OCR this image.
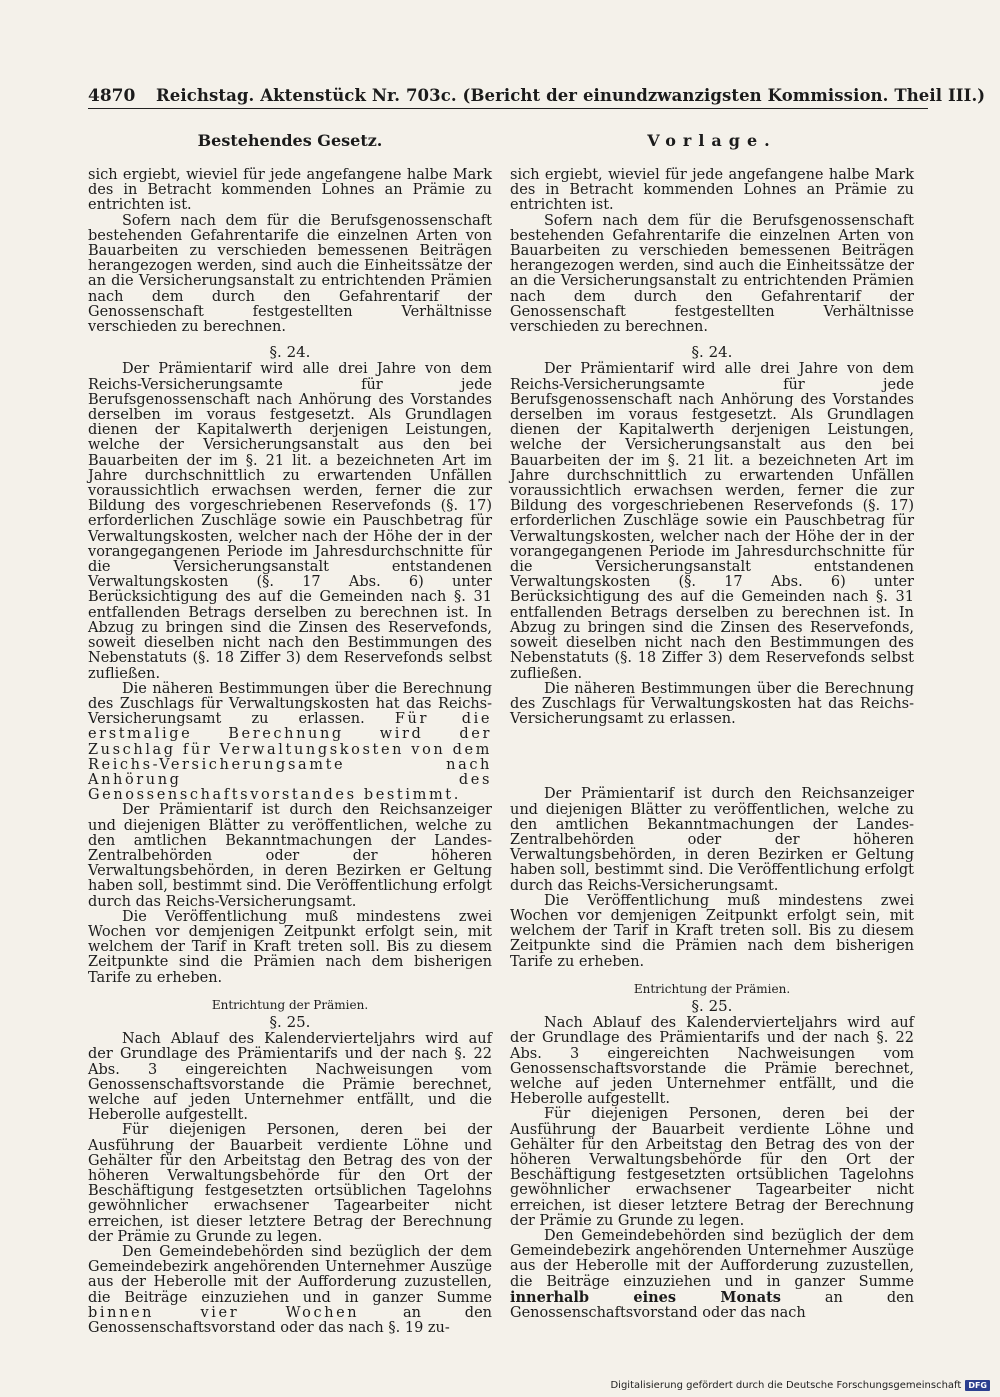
4870 Reichstag. Aktenstück Nr. 703c. (Bericht der einundzwanzigsten Kommission. Theil III.)
Bestehendes Gesetz.

sich ergiebt, wieviel für jede angefangene halbe Mark des in Betracht kommenden Lohnes an Prämie zu entrichten ist.

Sofern nach dem für die Berufsgenossenschaft bestehenden Gefahrentarife die einzelnen Arten von Bauarbeiten zu verschieden bemessenen Beiträgen herangezogen werden, sind auch die Einheitssätze der an die Versicherungsanstalt zu entrichtenden Prämien nach dem durch den Gefahrentarif der Genossenschaft festgestellten Verhältnisse verschieden zu berechnen.

§. 24.

Der Prämientarif wird alle drei Jahre von dem Reichs-Versicherungsamte für jede Berufsgenossenschaft nach Anhörung des Vorstandes derselben im voraus festgesetzt. Als Grundlagen dienen der Kapitalwerth derjenigen Leistungen, welche der Versicherungsanstalt aus den bei Bauarbeiten der im §. 21 lit. a bezeichneten Art im Jahre durchschnittlich zu erwartenden Unfällen voraussichtlich erwachsen werden, ferner die zur Bildung des vorgeschriebenen Reservefonds (§. 17) erforderlichen Zuschläge sowie ein Pauschbetrag für Verwaltungskosten, welcher nach der Höhe der in der vorangegangenen Periode im Jahresdurchschnitte für die Versicherungsanstalt entstandenen Verwaltungskosten (§. 17 Abs. 6) unter Berücksichtigung des auf die Gemeinden nach §. 31 entfallenden Betrags derselben zu berechnen ist. In Abzug zu bringen sind die Zinsen des Reservefonds, soweit dieselben nicht nach den Bestimmungen des Nebenstatuts (§. 18 Ziffer 3) dem Reservefonds selbst zufließen.

Die näheren Bestimmungen über die Berechnung des Zuschlags für Verwaltungskosten hat das Reichs-Versicherungsamt zu erlassen. Für die erstmalige Berechnung wird der Zuschlag für Verwaltungskosten von dem Reichs-Versicherungsamte nach Anhörung des Genossenschaftsvorstandes bestimmt.

Der Prämientarif ist durch den Reichsanzeiger und diejenigen Blätter zu veröffentlichen, welche zu den amtlichen Bekanntmachungen der Landes-Zentralbehörden oder der höheren Verwaltungsbehörden, in deren Bezirken er Geltung haben soll, bestimmt sind. Die Veröffentlichung erfolgt durch das Reichs-Versicherungsamt.

Die Veröffentlichung muß mindestens zwei Wochen vor demjenigen Zeitpunkt erfolgt sein, mit welchem der Tarif in Kraft treten soll. Bis zu diesem Zeitpunkte sind die Prämien nach dem bisherigen Tarife zu erheben.

Entrichtung der Prämien.
§. 25.

Nach Ablauf des Kalendervierteljahrs wird auf der Grundlage des Prämientarifs und der nach §. 22 Abs. 3 eingereichten Nachweisungen vom Genossenschaftsvorstande die Prämie berechnet, welche auf jeden Unternehmer entfällt, und die Heberolle aufgestellt.

Für diejenigen Personen, deren bei der Ausführung der Bauarbeit verdiente Löhne und Gehälter für den Arbeitstag den Betrag des von der höheren Verwaltungsbehörde für den Ort der Beschäftigung festgesetzten ortsüblichen Tagelohns gewöhnlicher erwachsener Tagearbeiter nicht erreichen, ist dieser letztere Betrag der Berechnung der Prämie zu Grunde zu legen.

Den Gemeindebehörden sind bezüglich der dem Gemeindebezirk angehörenden Unternehmer Auszüge aus der Heberolle mit der Aufforderung zuzustellen, die Beiträge einzuziehen und in ganzer Summe binnen vier Wochen	an den Genossenschaftsvorstand oder das nach §. 19 zu-

Vorlage.

sich ergiebt, wieviel für jede angefangene halbe Mark des in Betracht kommenden Lohnes an Prämie zu entrichten ist.

Sofern nach dem für die Berufsgenossenschaft bestehenden Gefahrentarife die einzelnen Arten von Bauarbeiten zu verschieden bemessenen Beiträgen herangezogen werden, sind auch die Einheitssätze der an die Versicherungsanstalt zu entrichtenden Prämien nach dem durch den Gefahrentarif der Genossenschaft festgestellten Verhältnisse verschieden zu berechnen.

§. 24.

Der Prämientarif wird alle drei Jahre von dem Reichs-Versicherungsamte für jede Berufsgenossenschaft nach Anhörung des Vorstandes derselben im voraus festgesetzt. Als Grundlagen dienen der Kapitalwerth derjenigen Leistungen, welche der Versicherungsanstalt aus den bei Bauarbeiten der im §. 21 lit. a bezeichneten Art im Jahre durchschnittlich zu erwartenden Unfällen voraussichtlich erwachsen werden, ferner die zur Bildung des vorgeschriebenen Reservefonds (§. 17) erforderlichen Zuschläge sowie ein Pauschbetrag für Verwaltungskosten, welcher nach der Höhe der in der vorangegangenen Periode im Jahresdurchschnitte für die Versicherungsanstalt entstandenen Verwaltungskosten (§. 17 Abs. 6) unter Berücksichtigung des auf die Gemeinden nach §. 31 entfallenden Betrags derselben zu berechnen ist. In Abzug zu bringen sind die Zinsen des Reservefonds, soweit dieselben nicht nach den Bestimmungen des Nebenstatuts (§. 18 Ziffer 3) dem Reservefonds selbst zufließen.

Die näheren Bestimmungen über die Berechnung des Zuschlags für Verwaltungskosten hat das Reichs-Versicherungsamt zu erlassen.

Der Prämientarif ist durch den Reichsanzeiger und diejenigen Blätter zu veröffentlichen, welche zu den amtlichen Bekanntmachungen der Landes-Zentralbehörden oder der höheren Verwaltungsbehörden, in deren Bezirken er Geltung haben soll, bestimmt sind. Die Veröffentlichung erfolgt durch das Reichs-Versicherungsamt.

Die Veröffentlichung muß mindestens zwei Wochen vor demjenigen Zeitpunkt erfolgt sein, mit welchem der Tarif in Kraft treten soll. Bis zu diesem Zeitpunkte sind die Prämien nach dem bisherigen Tarife zu erheben.

Entrichtung der Prämien.
§. 25.

Nach Ablauf des Kalendervierteljahrs wird auf der Grundlage des Prämientarifs und der nach §. 22 Abs. 3 eingereichten Nachweisungen vom Genossenschaftsvorstande die Prämie berechnet, welche auf jeden Unternehmer entfällt, und die Heberolle aufgestellt.

Für diejenigen Personen, deren bei der Ausführung der Bauarbeit verdiente Löhne und Gehälter für den Arbeitstag den Betrag des von der höheren Verwaltungsbehörde für den Ort der Beschäftigung festgesetzten ortsüblichen Tagelohns gewöhnlicher erwachsener Tagearbeiter nicht erreichen, ist dieser letztere Betrag der Berechnung der Prämie zu Grunde zu legen.

Den Gemeindebehörden sind bezüglich der dem Gemeindebezirk angehörenden Unternehmer Auszüge aus der Heberolle mit der Aufforderung zuzustellen, die Beiträge einzuziehen und in ganzer Summe innerhalb eines Monats	an den Genossenschaftsvorstand oder das nach

Digitalisierung gefördert durch die Deutsche Forschungsgemeinschaft DFG
